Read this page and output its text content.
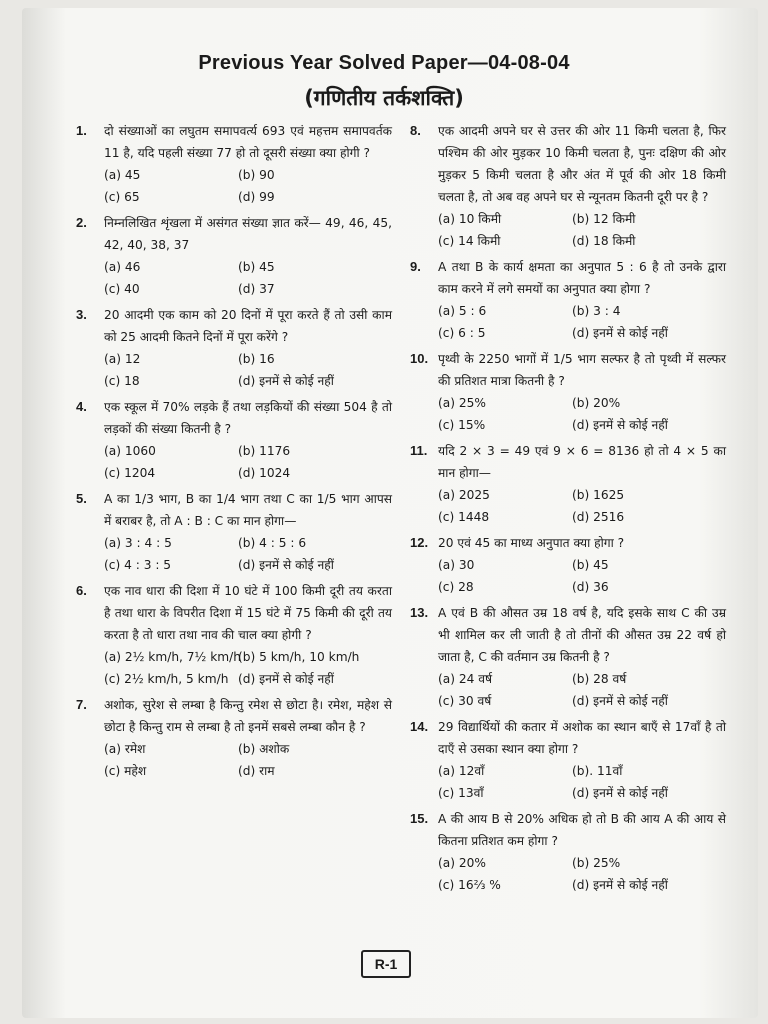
Previous Year Solved Paper—04-08-04
(गणितीय तर्कशक्ति)
1. दो संख्याओं का लघुतम समापवर्त्य 693 एवं महत्तम समापवर्तक 11 है, यदि पहली संख्या 77 हो तो दूसरी संख्या क्या होगी ?
(a) 45	(b) 90
(c) 65	(d) 99
2. निम्नलिखित शृंखला में असंगत संख्या ज्ञात करें— 49, 46, 45, 42, 40, 38, 37
(a) 46	(b) 45
(c) 40	(d) 37
3. 20 आदमी एक काम को 20 दिनों में पूरा करते हैं तो उसी काम को 25 आदमी कितने दिनों में पूरा करेंगे ?
(a) 12	(b) 16
(c) 18	(d) इनमें से कोई नहीं
4. एक स्कूल में 70% लड़के हैं तथा लड़कियों की संख्या 504 है तो लड़कों की संख्या कितनी है ?
(a) 1060	(b) 1176
(c) 1204	(d) 1024
5. A का 1/3 भाग, B का 1/4 भाग तथा C का 1/5 भाग आपस में बराबर है, तो A : B : C का मान होगा—
(a) 3 : 4 : 5	(b) 4 : 5 : 6
(c) 4 : 3 : 5	(d) इनमें से कोई नहीं
6. एक नाव धारा की दिशा में 10 घंटे में 100 किमी दूरी तय करता है तथा धारा के विपरीत दिशा में 15 घंटे में 75 किमी की दूरी तय करता है तो धारा तथा नाव की चाल क्या होगी ?
(a) 2½ km/h, 7½ km/h
(b) 5 km/h, 10 km/h
(c) 2½ km/h, 5 km/h (d) इनमें से कोई नहीं
7. अशोक, सुरेश से लम्बा है किन्तु रमेश से छोटा है। रमेश, महेश से छोटा है किन्तु राम से लम्बा है तो इनमें सबसे लम्बा कौन है ?
(a) रमेश	(b) अशोक
(c) महेश	(d) राम
8. एक आदमी अपने घर से उत्तर की ओर 11 किमी चलता है, फिर पश्चिम की ओर मुड़कर 10 किमी चलता है, पुनः दक्षिण की ओर मुड़कर 5 किमी चलता है और अंत में पूर्व की ओर 18 किमी चलता है, तो अब वह अपने घर से न्यूनतम कितनी दूरी पर है ?
(a) 10 किमी	(b) 12 किमी
(c) 14 किमी	(d) 18 किमी
9. A तथा B के कार्य क्षमता का अनुपात 5 : 6 है तो उनके द्वारा काम करने में लगे समयों का अनुपात क्या होगा ?
(a) 5 : 6	(b) 3 : 4
(c) 6 : 5	(d) इनमें से कोई नहीं
10. पृथ्वी के 2250 भागों में 1/5 भाग सल्फर है तो पृथ्वी में सल्फर की प्रतिशत मात्रा कितनी है ?
(a) 25%	(b) 20%
(c) 15%	(d) इनमें से कोई नहीं
11. यदि 2 × 3 = 49 एवं 9 × 6 = 8136 हो तो 4 × 5 का मान होगा—
(a) 2025	(b) 1625
(c) 1448	(d) 2516
12. 20 एवं 45 का माध्य अनुपात क्या होगा ?
(a) 30	(b) 45
(c) 28	(d) 36
13. A एवं B की औसत उम्र 18 वर्ष है, यदि इसके साथ C की उम्र भी शामिल कर ली जाती है तो तीनों की औसत उम्र 22 वर्ष हो जाता है, C की वर्तमान उम्र कितनी है ?
(a) 24 वर्ष	(b) 28 वर्ष
(c) 30 वर्ष	(d) इनमें से कोई नहीं
14. 29 विद्यार्थियों की कतार में अशोक का स्थान बाएँ से 17वाँ है तो दाएँ से उसका स्थान क्या होगा ?
(a) 12वाँ	(b). 11वाँ
(c) 13वाँ	(d) इनमें से कोई नहीं
15. A की आय B से 20% अधिक हो तो B की आय A की आय से कितना प्रतिशत कम होगा ?
(a) 20%	(b) 25%
(c) 16⅔ %	(d) इनमें से कोई नहीं
R-1
